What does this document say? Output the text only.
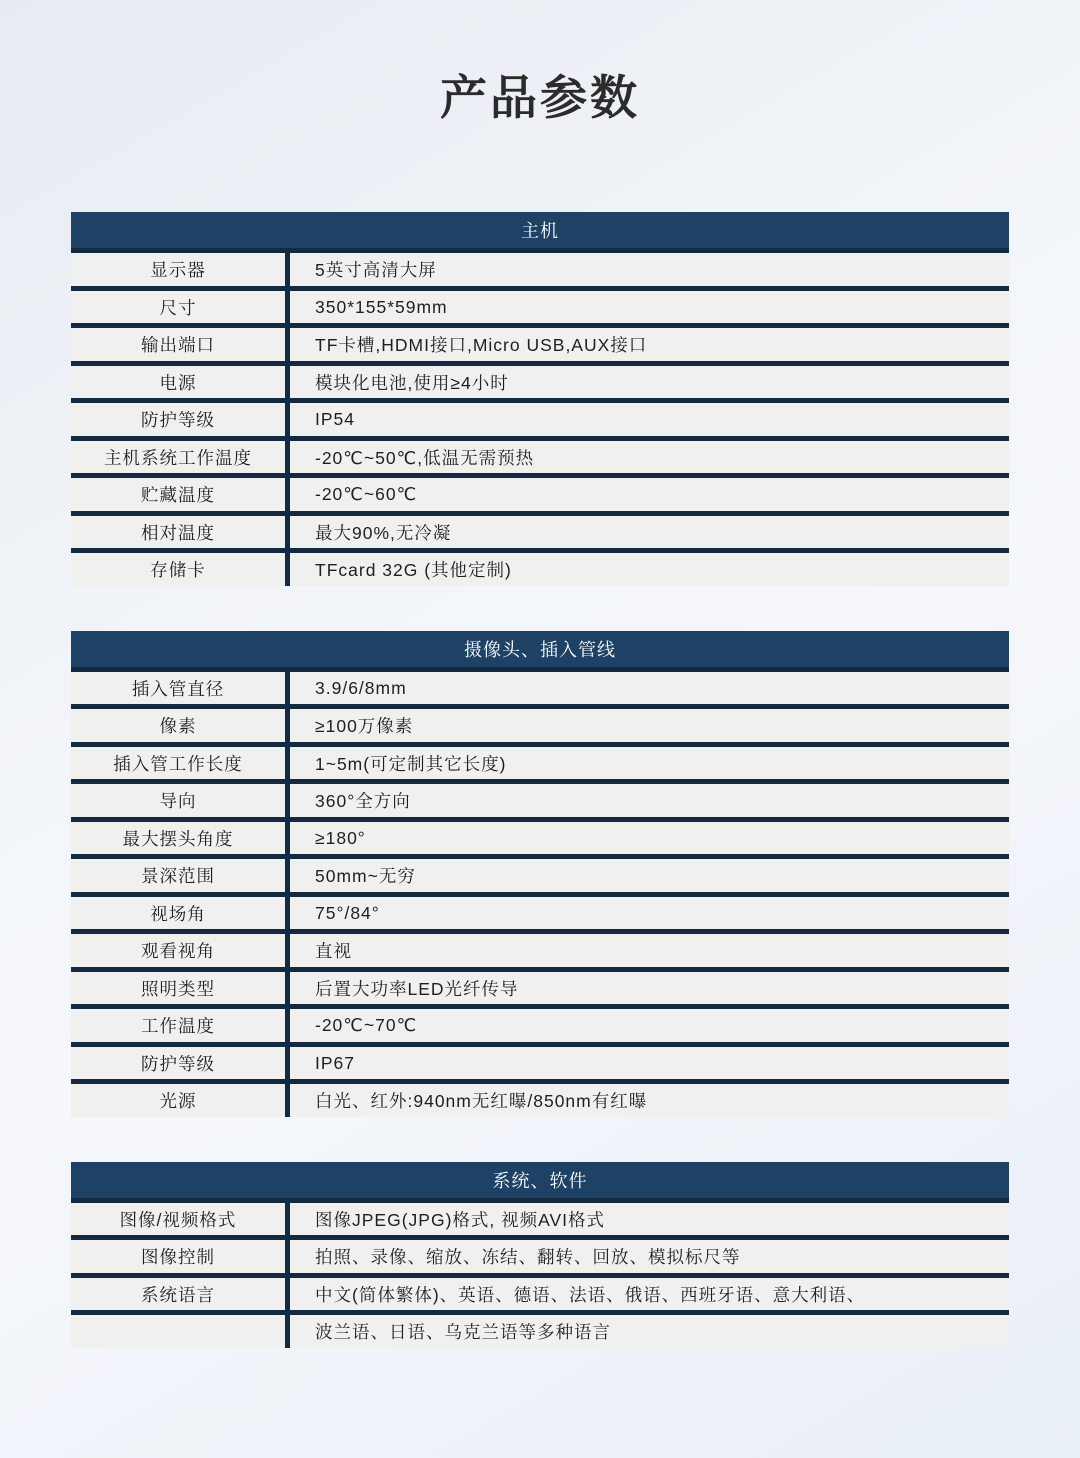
产品参数
主机
显示器	5英寸高清大屏
尺寸	350*155*59mm
输出端口	TF卡槽,HDMI接口,Micro USB,AUX接口
电源	模块化电池,使用≥4小时
防护等级	IP54
主机系统工作温度	-20℃~50℃,低温无需预热
贮藏温度	-20℃~60℃
相对温度	最大90%,无冷凝
存储卡	TFcard 32G (其他定制)
摄像头、插入管线
插入管直径	3.9/6/8mm
像素	≥100万像素
插入管工作长度	1~5m(可定制其它长度)
导向	360°全方向
最大摆头角度	≥180°
景深范围	50mm~无穷
视场角	75°/84°
观看视角	直视
照明类型	后置大功率LED光纤传导
工作温度	-20℃~70℃
防护等级	IP67
光源	白光、红外:940nm无红曝/850nm有红曝
系统、软件
图像/视频格式	图像JPEG(JPG)格式, 视频AVI格式
图像控制	拍照、录像、缩放、冻结、翻转、回放、模拟标尺等
系统语言	中文(简体繁体)、英语、德语、法语、俄语、西班牙语、意大利语、
波兰语、日语、乌克兰语等多种语言
